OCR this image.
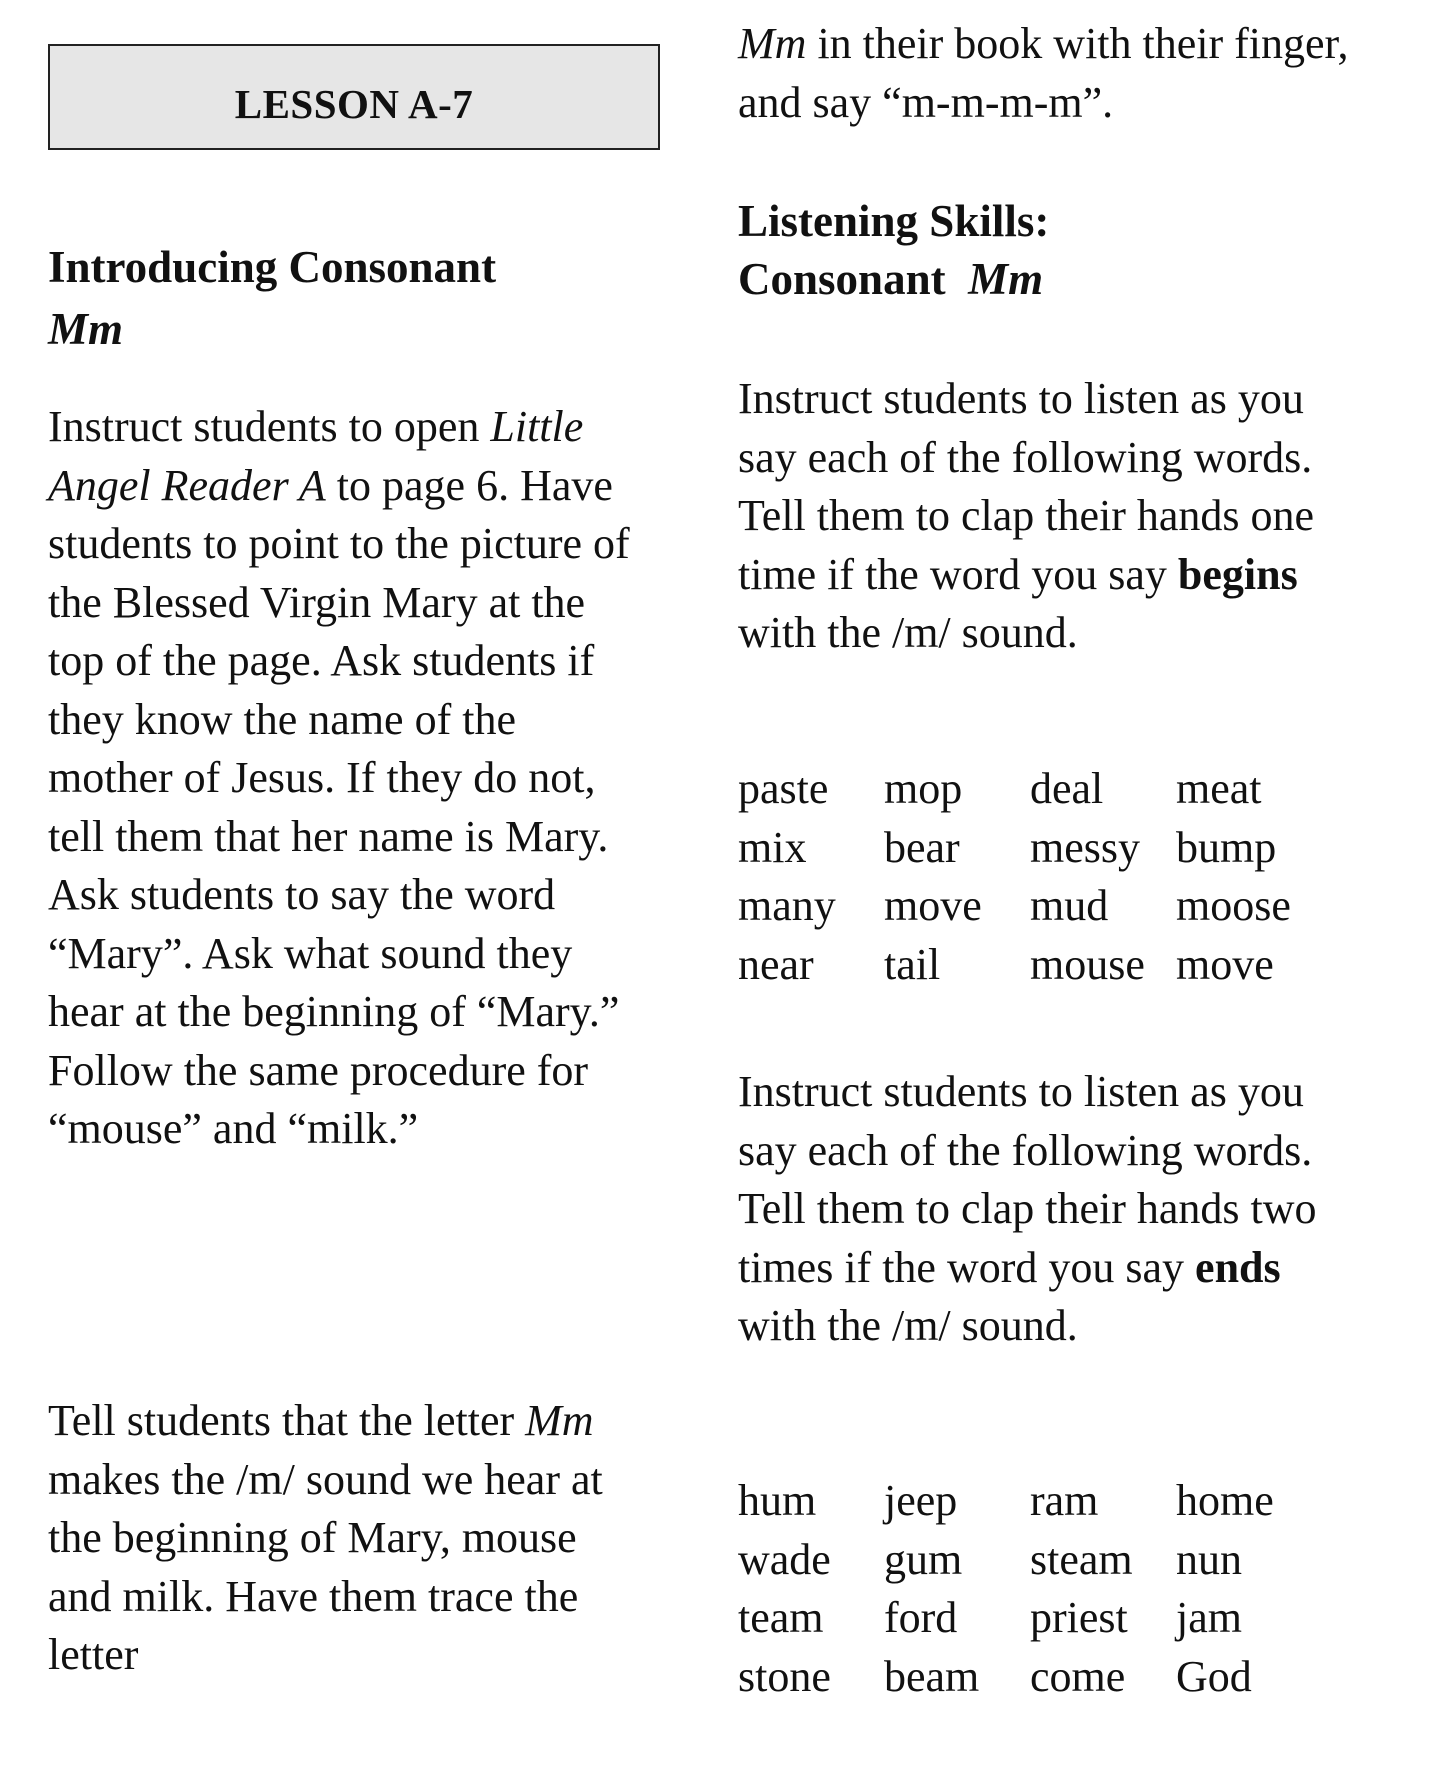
LESSON A-7
Introducing Consonant
Mm

Instruct students to open Little Angel Reader A to page 6. Have students to point to the picture of the Blessed Virgin Mary at the top of the page. Ask students if they know the name of the mother of Jesus. If they do not, tell them that her name is Mary. Ask students to say the word “Mary”. Ask what sound they hear at the beginning of “Mary.” Follow the same procedure for “mouse” and “milk.”

Tell students that the letter Mm makes the /m/ sound we hear at the beginning of Mary, mouse and milk. Have them trace the letter

Mm in their book with their finger, and say “m-m-m-m”.

Listening Skills:
Consonant Mm

Instruct students to listen as you say each of the following words. Tell them to clap their hands one time if the word you say begins with the /m/ sound.

paste	mop	deal	meat
mix	bear	messy	bump
many	move	mud	moose
near	tail	mouse	move

Instruct students to listen as you say each of the following words. Tell them to clap their hands two times if the word you say ends with the /m/ sound.

hum	jeep	ram	home
wade	gum	steam	nun
team	ford	priest	jam
stone	beam	come	God
